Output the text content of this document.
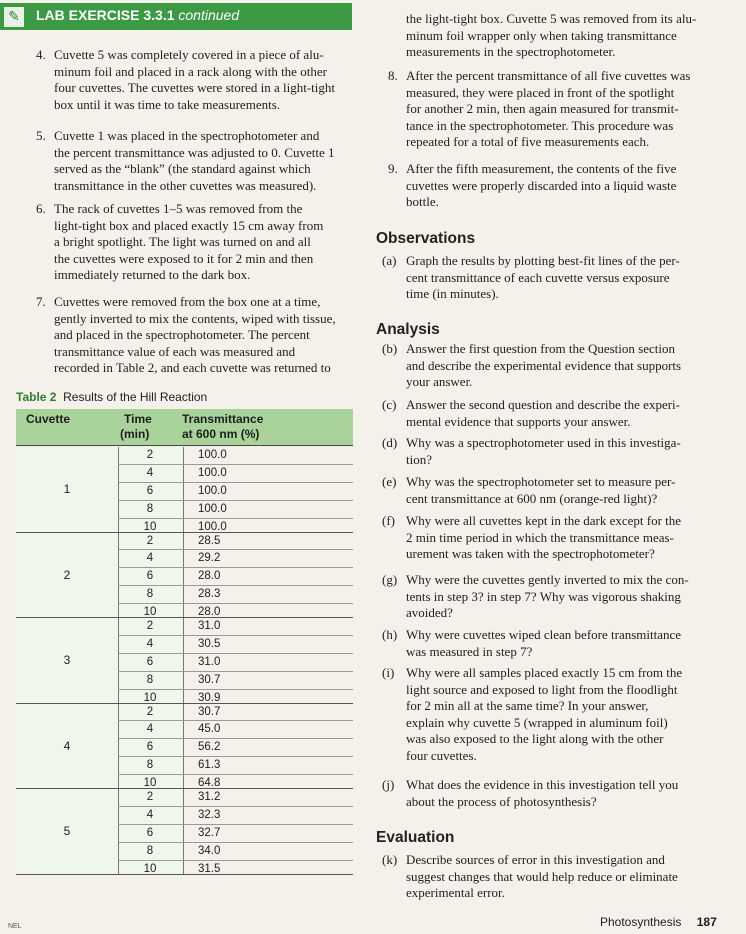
✎ LAB EXERCISE 3.3.1 continued
4. Cuvette 5 was completely covered in a piece of alu-
minum foil and placed in a rack along with the other
four cuvettes. The cuvettes were stored in a light-tight
box until it was time to take measurements.
5. Cuvette 1 was placed in the spectrophotometer and
the percent transmittance was adjusted to 0. Cuvette 1
served as the “blank” (the standard against which
transmittance in the other cuvettes was measured).
6. The rack of cuvettes 1–5 was removed from the
light-tight box and placed exactly 15 cm away from
a bright spotlight. The light was turned on and all
the cuvettes were exposed to it for 2 min and then
immediately returned to the dark box.
7. Cuvettes were removed from the box one at a time,
gently inverted to mix the contents, wiped with tissue,
and placed in the spectrophotometer. The percent
transmittance value of each was measured and
recorded in Table 2, and each cuvette was returned to
Table 2 Results of the Hill Reaction
Cuvette	Time
(min)
Transmittance
at 600 nm (%)
1
2	100.0
4	100.0
6	100.0
8	100.0
10	100.0
2
2	28.5
4	29.2
6	28.0
8	28.3
10	28.0
3
2	31.0
4	30.5
6	31.0
8	30.7
10	30.9
4
2	30.7
4	45.0
6	56.2
8	61.3
10	64.8
5
2	31.2
4	32.3
6	32.7
8	34.0
10	31.5
the light-tight box. Cuvette 5 was removed from its alu-
minum foil wrapper only when taking transmittance
measurements in the spectrophotometer.
8. After the percent transmittance of all five cuvettes was
measured, they were placed in front of the spotlight
for another 2 min, then again measured for transmit-
tance in the spectrophotometer. This procedure was
repeated for a total of five measurements each.
9. After the fifth measurement, the contents of the five
cuvettes were properly discarded into a liquid waste
bottle.
Observations
(a) Graph the results by plotting best-fit lines of the per-
cent transmittance of each cuvette versus exposure
time (in minutes).
Analysis
(b) Answer the first question from the Question section
and describe the experimental evidence that supports
your answer.
(c) Answer the second question and describe the experi-
mental evidence that supports your answer.
(d) Why was a spectrophotometer used in this investiga-
tion?
(e) Why was the spectrophotometer set to measure per-
cent transmittance at 600 nm (orange-red light)?
(f) Why were all cuvettes kept in the dark except for the
2 min time period in which the transmittance meas-
urement was taken with the spectrophotometer?
(g) Why were the cuvettes gently inverted to mix the con-
tents in step 3? in step 7? Why was vigorous shaking
avoided?
(h) Why were cuvettes wiped clean before transmittance
was measured in step 7?
(i) Why were all samples placed exactly 15 cm from the
light source and exposed to light from the floodlight
for 2 min all at the same time? In your answer,
explain why cuvette 5 (wrapped in aluminum foil)
was also exposed to the light along with the other
four cuvettes.
(j) What does the evidence in this investigation tell you
about the process of photosynthesis?
Evaluation
(k) Describe sources of error in this investigation and
suggest changes that would help reduce or eliminate
experimental error.
NEL	Photosynthesis 187
